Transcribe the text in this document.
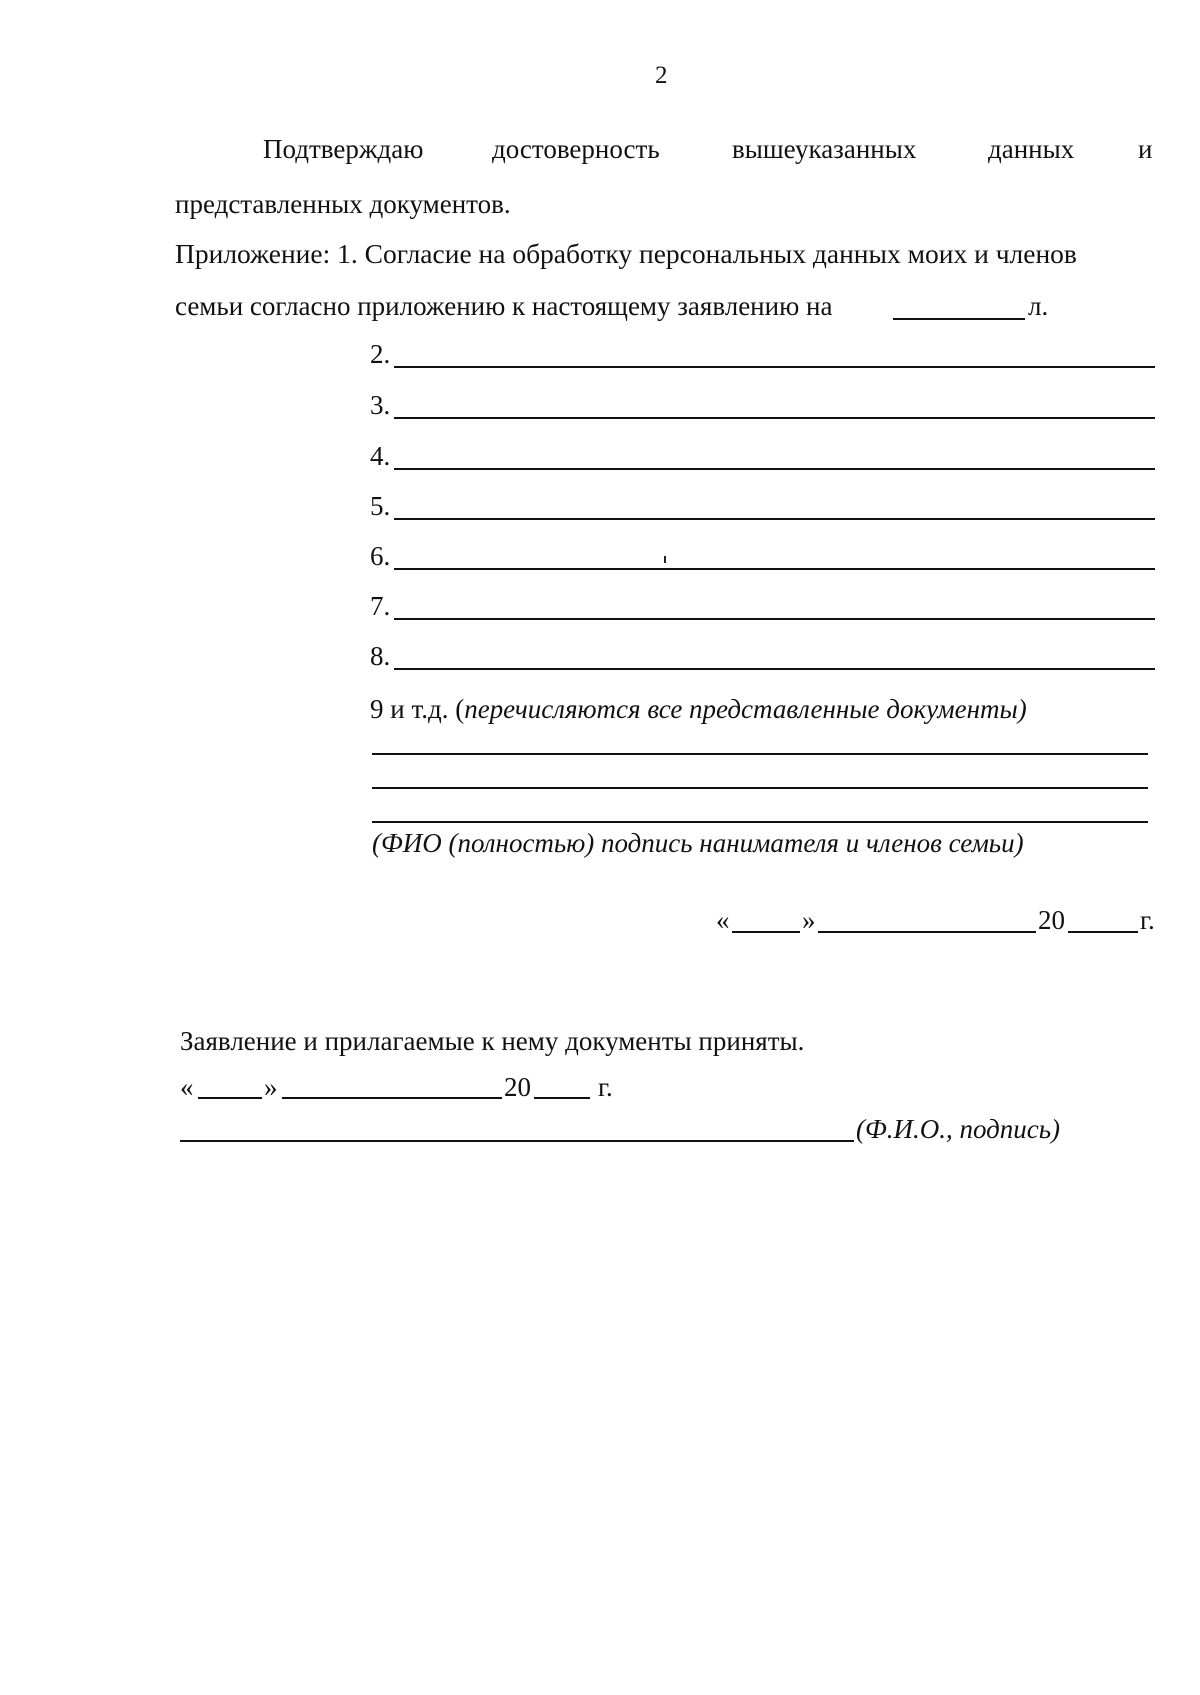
2
Подтверждаю	достоверность	вышеуказанных	данных и
представленных документов.
Приложение: 1. Согласие на обработку персональных данных моих и членов
семьи согласно приложению к настоящему заявлению на	л.
2.
3.
4.
5.
6.
7.
8.
9 и т.д. (перечисляются все представленные документы)
(ФИО (полностью) подпись нанимателя и членов семьи)
«	»	20	г.
Заявление и прилагаемые к нему документы приняты.
«	»	20 г.
(Ф.И.О., подпись)
